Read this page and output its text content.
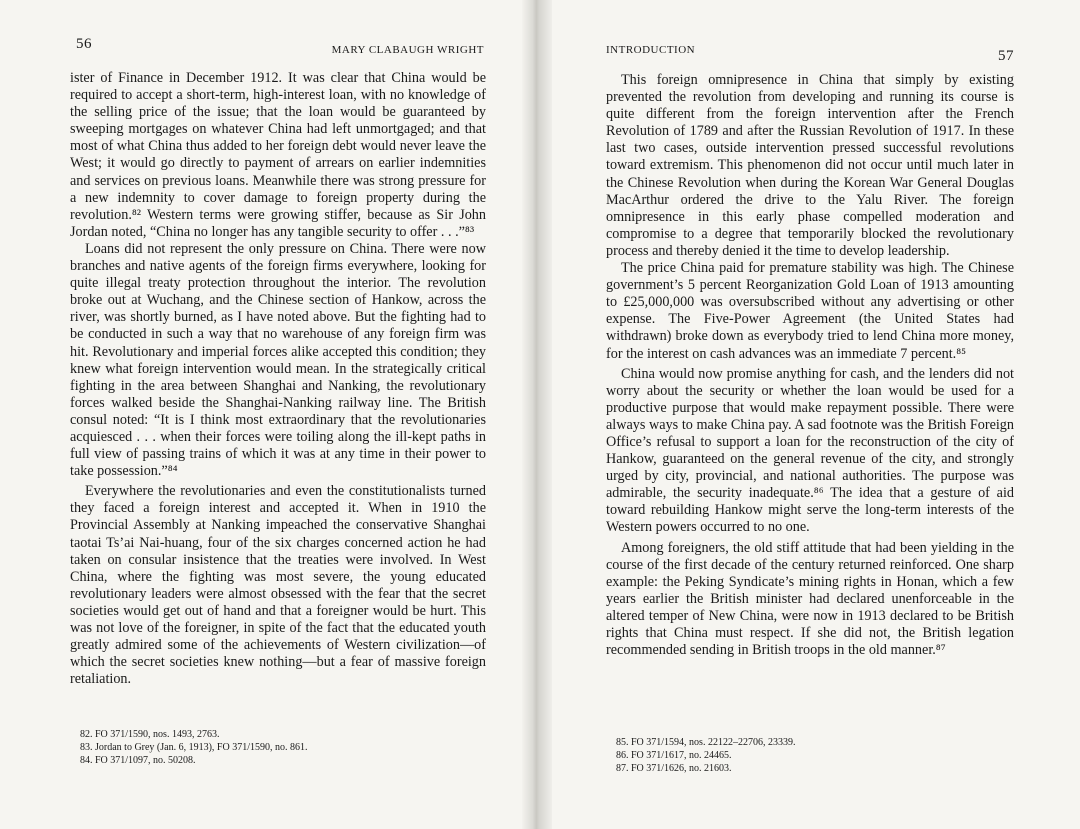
56	MARY CLABAUGH WRIGHT

ister of Finance in December 1912. It was clear that China would be required to accept a short-term, high-interest loan, with no knowledge of the selling price of the issue; that the loan would be guaranteed by sweeping mortgages on whatever China had left unmortgaged; and that most of what China thus added to her foreign debt would never leave the West; it would go directly to payment of arrears on earlier indemnities and services on previous loans. Meanwhile there was strong pressure for a new indemnity to cover damage to foreign property during the revolution.⁸² Western terms were growing stiffer, because as Sir John Jordan noted, “China no longer has any tangible security to offer . . .”⁸³

Loans did not represent the only pressure on China. There were now branches and native agents of the foreign firms everywhere, looking for quite illegal treaty protection throughout the interior. The revolution broke out at Wuchang, and the Chinese section of Hankow, across the river, was shortly burned, as I have noted above. But the fighting had to be conducted in such a way that no warehouse of any foreign firm was hit. Revolutionary and imperial forces alike accepted this condition; they knew what foreign intervention would mean. In the strategically critical fighting in the area between Shanghai and Nanking, the revolutionary forces walked beside the Shanghai-Nanking railway line. The British consul noted: “It is I think most extraordinary that the revolutionaries acquiesced . . . when their forces were toiling along the ill-kept paths in full view of passing trains of which it was at any time in their power to take possession.”⁸⁴

Everywhere the revolutionaries and even the constitutionalists turned they faced a foreign interest and accepted it. When in 1910 the Provincial Assembly at Nanking impeached the conservative Shanghai taotai Ts’ai Nai-huang, four of the six charges concerned action he had taken on consular insistence that the treaties were involved. In West China, where the fighting was most severe, the young educated revolutionary leaders were almost obsessed with the fear that the secret societies would get out of hand and that a foreigner would be hurt. This was not love of the foreigner, in spite of the fact that the educated youth greatly admired some of the achievements of Western civilization—of which the secret societies knew nothing—but a fear of massive foreign retaliation.

82. FO 371/1590, nos. 1493, 2763.
83. Jordan to Grey (Jan. 6, 1913), FO 371/1590, no. 861.
84. FO 371/1097, no. 50208.
INTRODUCTION	57

This foreign omnipresence in China that simply by existing prevented the revolution from developing and running its course is quite different from the foreign intervention after the French Revolution of 1789 and after the Russian Revolution of 1917. In these last two cases, outside intervention pressed successful revolutions toward extremism. This phenomenon did not occur until much later in the Chinese Revolution when during the Korean War General Douglas MacArthur ordered the drive to the Yalu River. The foreign omnipresence in this early phase compelled moderation and compromise to a degree that temporarily blocked the revolutionary process and thereby denied it the time to develop leadership.

The price China paid for premature stability was high. The Chinese government’s 5 percent Reorganization Gold Loan of 1913 amounting to £25,000,000 was oversubscribed without any advertising or other expense. The Five-Power Agreement (the United States had withdrawn) broke down as everybody tried to lend China more money, for the interest on cash advances was an immediate 7 percent.⁸⁵

China would now promise anything for cash, and the lenders did not worry about the security or whether the loan would be used for a productive purpose that would make repayment possible. There were always ways to make China pay. A sad footnote was the British Foreign Office’s refusal to support a loan for the reconstruction of the city of Hankow, guaranteed on the general revenue of the city, and strongly urged by city, provincial, and national authorities. The purpose was admirable, the security inadequate.⁸⁶ The idea that a gesture of aid toward rebuilding Hankow might serve the long-term interests of the Western powers occurred to no one.

Among foreigners, the old stiff attitude that had been yielding in the course of the first decade of the century returned reinforced. One sharp example: the Peking Syndicate’s mining rights in Honan, which a few years earlier the British minister had declared unenforceable in the altered temper of New China, were now in 1913 declared to be British rights that China must respect. If she did not, the British legation recommended sending in British troops in the old manner.⁸⁷

85. FO 371/1594, nos. 22122–22706, 23339.
86. FO 371/1617, no. 24465.
87. FO 371/1626, no. 21603.
